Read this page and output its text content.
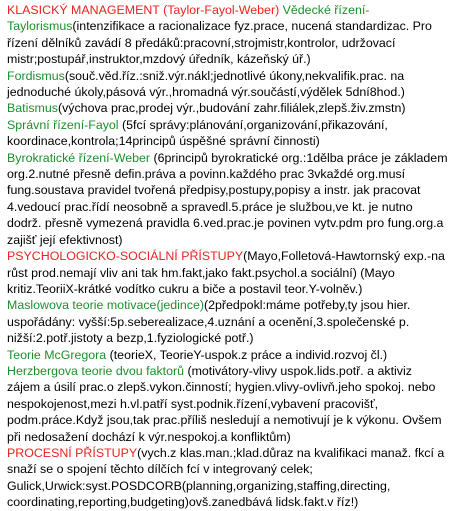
KLASICKÝ MANAGEMENT (Taylor-Fayol-Weber) Vědecké řízení-Taylorismus(intenzifikace a racionalizace fyz.prace, nucená standardizac. Pro řízení dělníků zavádí 8 předáků:pracovní,strojmistr,kontrolor, udržovací mistr;postupář,instruktor,mzdový úředník, kázeňský úř.)

Fordismus(souč.věd.říz.:sniž.výr.nákl;jednotlivé úkony,nekvalifik.prac. na jednoduché úkoly,pásová výr.,hromadná výr.součástí,výdělek 5dní8hod.)

Batismus(výchova prac,prodej výr.,budování zahr.filiálek,zlepš.živ.zmstn)

Správní řízení-Fayol (5fcí správy:plánování,organizování,přikazování, koordinace,kontrola;14principů úspěšné správní činnosti)

Byrokratické řízení-Weber (6principů byrokratické org.:1dělba práce je základem org.2.nutné přesně defin.práva a povinn.každého prac 3vkaždé org.musí fung.soustava pravidel tvořená předpisy,postupy,popisy a instr. jak pracovat 4.vedoucí prac.řídí neosobně a spravedl.5.práce je službou,ve kt. je nutno dodrž. přesně vymezená pravidla 6.ved.prac.je povinen vytv.pdm pro fung.org.a zajišť její efektivnost)

PSYCHOLOGICKO-SOCIÁLNÍ PŘÍSTUPY(Mayo,Folletová-Hawtornský exp.-na růst prod.nemají vliv ani tak hm.fakt,jako fakt.psychol.a sociální) (Mayo kritiz.TeoriiX-krátké vodítko cukru a biče a postavil teor.Y-volněv.)

Maslowova teorie motivace(jedince)(2předpokl:máme potřeby,ty jsou hier. uspořádány: vyšší:5p.seberealizace,4.uznání a ocenění,3.společenské p. nižší:2.potř.jistoty a bezp,1.fyziologické potř.)

Teorie McGregora (teorieX, TeorieY-uspok.z práce a individ.rozvoj čl.)

Herzbergova teorie dvou faktorů (motivátory-vlivy uspok.lids.potř. a aktiviz zájem a úsilí prac.o zlepš.vykon.činností; hygien.vlivy-ovlivň.jeho spokoj. nebo nespokojenost,mezi h.vl.patří syst.podnik.řízení,vybavení pracovišť, podm.práce.Když jsou,tak prac.příliš nesledují a nemotivují je k výkonu. Ovšem při nedosažení dochází k výr.nespokoj.a konfliktům)

PROCESNÍ PŘÍSTUPY(vych.z klas.man.;klad.důraz na kvalifikaci manaž. fkcí a snaží se o spojení těchto dílčích fcí v integrovaný celek; Gulick,Urwick:syst.POSDCORB(planning,organizing,staffing,directing, coordinating,reporting,budgeting)ovš.zanedbává lidsk.fakt.v říz!)
